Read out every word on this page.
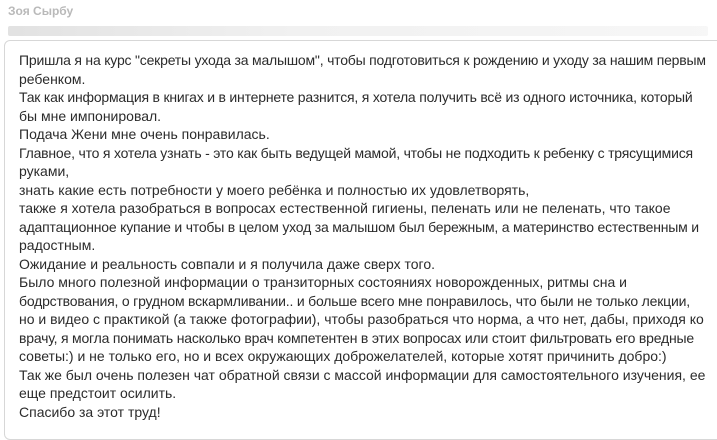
Зоя Сырбу
Пришла я на курс "секреты ухода за малышом", чтобы подготовиться к рождению и уходу за нашим первым
ребенком.
Так как информация в книгах и в интернете разнится, я хотела получить всё из одного источника, который
бы мне импонировал.
Подача Жени мне очень понравилась.
Главное, что я хотела узнать - это как быть ведущей мамой, чтобы не подходить к ребенку с трясущимися
руками,
знать какие есть потребности у моего ребёнка и полностью их удовлетворять,
также я хотела разобраться в вопросах естественной гигиены, пеленать или не пеленать, что такое
адаптационное купание и чтобы в целом уход за малышом был бережным, а материнство естественным и
радостным.
Ожидание и реальность совпали и я получила даже сверх того.
Было много полезной информации о транзиторных состояниях новорожденных, ритмы сна и
бодрствования, о грудном вскармливании.. и больше всего мне понравилось, что были не только лекции,
но и видео с практикой (а также фотографии), чтобы разобраться что норма, а что нет, дабы, приходя ко
врачу, я могла понимать насколько врач компетентен в этих вопросах или стоит фильтровать его вредные
советы:) и не только его, но и всех окружающих доброжелателей, которые хотят причинить добро:)
Так же был очень полезен чат обратной связи с массой информации для самостоятельного изучения, ее
еще предстоит осилить.
Спасибо за этот труд!
